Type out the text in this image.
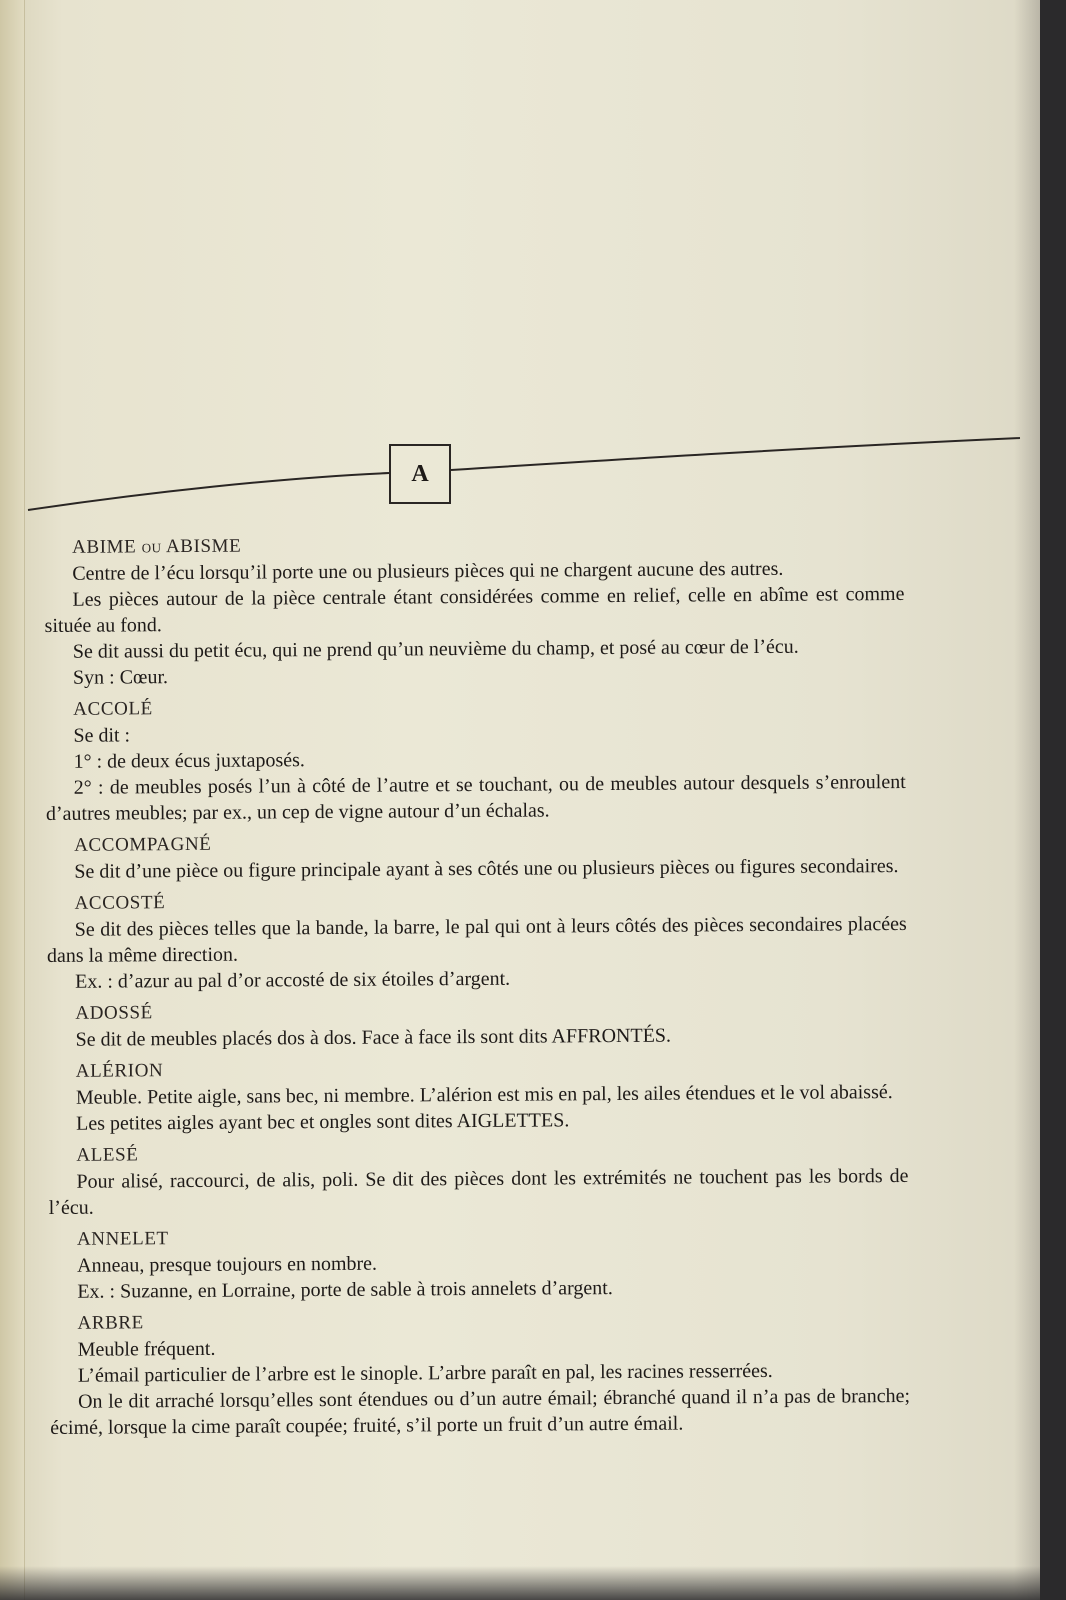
A
ABIME ou ABISME
Centre de l’écu lorsqu’il porte une ou plusieurs pièces qui ne chargent aucune des autres.
Les pièces autour de la pièce centrale étant considérées comme en relief, celle en abîme est comme située au fond.
Se dit aussi du petit écu, qui ne prend qu’un neuvième du champ, et posé au cœur de l’écu.
Syn : Cœur.
ACCOLÉ
Se dit :
1° : de deux écus juxtaposés.
2° : de meubles posés l’un à côté de l’autre et se touchant, ou de meubles autour desquels s’enroulent d’autres meubles; par ex., un cep de vigne autour d’un échalas.
ACCOMPAGNÉ
Se dit d’une pièce ou figure principale ayant à ses côtés une ou plusieurs pièces ou figures secondaires.
ACCOSTÉ
Se dit des pièces telles que la bande, la barre, le pal qui ont à leurs côtés des pièces secondaires placées dans la même direction.
Ex. : d’azur au pal d’or accosté de six étoiles d’argent.
ADOSSÉ
Se dit de meubles placés dos à dos. Face à face ils sont dits AFFRONTÉS.
ALÉRION
Meuble. Petite aigle, sans bec, ni membre. L’alérion est mis en pal, les ailes étendues et le vol abaissé.
Les petites aigles ayant bec et ongles sont dites AIGLETTES.
ALESÉ
Pour alisé, raccourci, de alis, poli. Se dit des pièces dont les extrémités ne touchent pas les bords de l’écu.
ANNELET
Anneau, presque toujours en nombre.
Ex. : Suzanne, en Lorraine, porte de sable à trois annelets d’argent.
ARBRE
Meuble fréquent.
L’émail particulier de l’arbre est le sinople. L’arbre paraît en pal, les racines resserrées.
On le dit arraché lorsqu’elles sont étendues ou d’un autre émail; ébranché quand il n’a pas de branche; écimé, lorsque la cime paraît coupée; fruité, s’il porte un fruit d’un autre émail.
